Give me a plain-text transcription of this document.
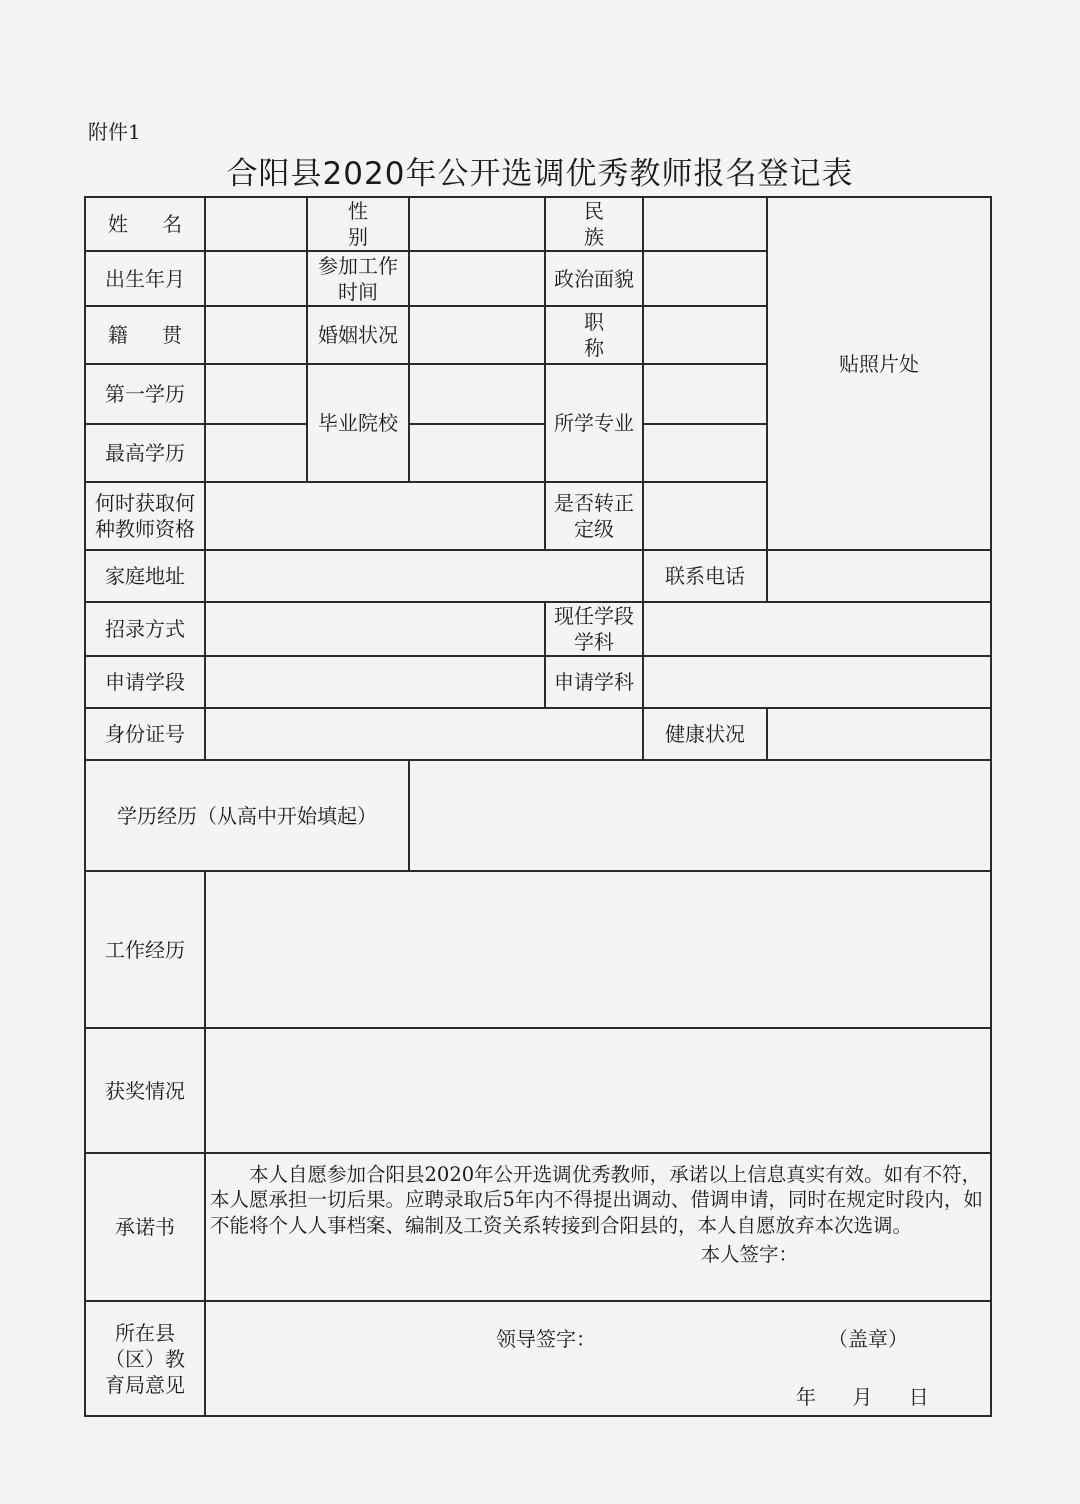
附件1
合阳县2020年公开选调优秀教师报名登记表
姓 名		性 别		民 族		贴照片处
出生年月		参加工作时间		政治面貌		
籍 贯		婚姻状况		职 称		
第一学历		毕业院校		所学专业		
最高学历						
何时获取何种教师资格				是否转正定级		
家庭地址					联系电话	
招录方式				现任学段学科		
申请学段				申请学科		
身份证号					健康状况	
学历经历（从高中开始填起）						
工作经历						
获奖情况						
承诺书	本人自愿参加合阳县2020年公开选调优秀教师，承诺以上信息真实有效。如有不符，本人愿承担一切后果。应聘录取后5年内不得提出调动、借调申请，同时在规定时段内，如不能将个人人事档案、编制及工资关系转接到合阳县的，本人自愿放弃本次选调。

本人签字：					

所在县（区）教育局意见	领导签字： （盖章）
年 月 日					
